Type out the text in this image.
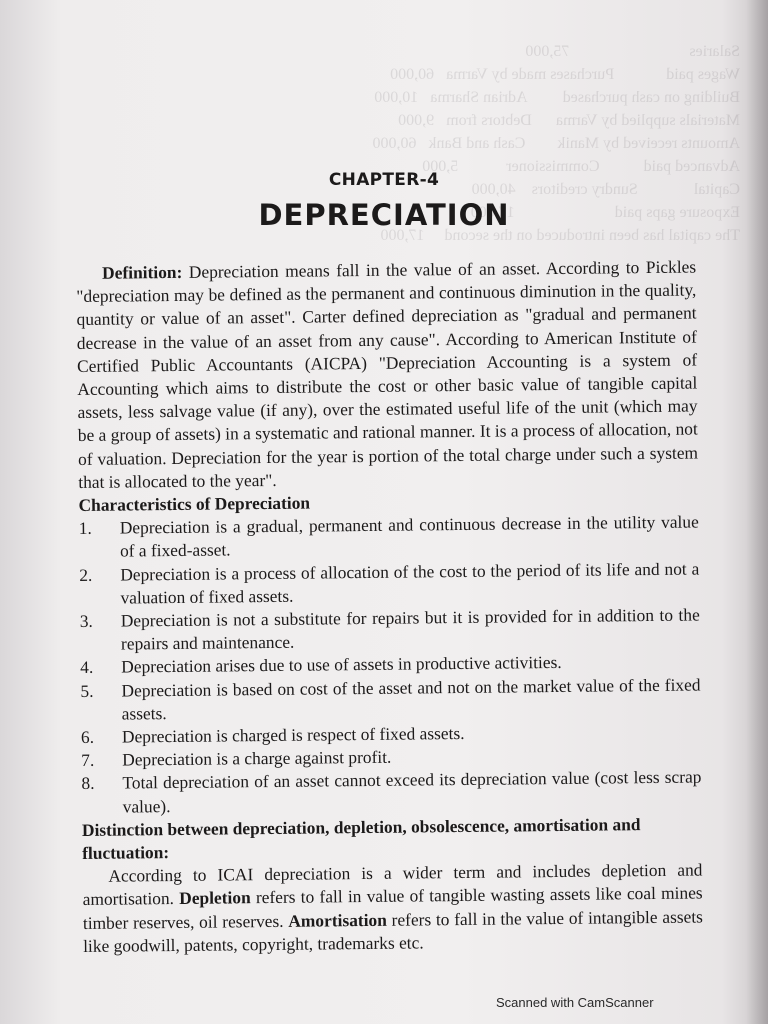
Salaries                              75,000
Wages paid             Purchases made by Varma   60,000
Building on cash purchased         Adrian Sharma   10,000
Materials supplied by Varma      Debtors from   9,000
Amounts received by Manik        Cash and Bank   60,000
Advanced paid           Commissioner            5,000
Capital              Sundry creditors    40,000
Exposure gaps paid                         17,000
The capital has been introduced on the second     17,000
CHAPTER-4
DEPRECIATION

Definition: Depreciation means fall in the value of an asset. According to Pickles "depreciation may be defined as the permanent and continuous diminution in the quality, quantity or value of an asset". Carter defined depreciation as "gradual and permanent decrease in the value of an asset from any cause". According to American Institute of Certified Public Accountants (AICPA) "Depreciation Accounting is a system of Accounting which aims to distribute the cost or other basic value of tangible capital assets, less salvage value (if any), over the estimated useful life of the unit (which may be a group of assets) in a systematic and rational manner. It is a process of allocation, not of valuation. Depreciation for the year is portion of the total charge under such a system that is allocated to the year".

Characteristics of Depreciation

1.	Depreciation is a gradual, permanent and continuous decrease in the utility value of a fixed-asset.
2.	Depreciation is a process of allocation of the cost to the period of its life and not a valuation of fixed assets.
3.	Depreciation is not a substitute for repairs but it is provided for in addition to the repairs and maintenance.
4.	Depreciation arises due to use of assets in productive activities.
5.	Depreciation is based on cost of the asset and not on the market value of the fixed assets.
6.	Depreciation is charged is respect of fixed assets.
7.	Depreciation is a charge against profit.
8.	Total depreciation of an asset cannot exceed its depreciation value (cost less scrap value).

Distinction between depreciation, depletion, obsolescence, amortisation and fluctuation:

According to ICAI depreciation is a wider term and includes depletion and amortisation. Depletion refers to fall in value of tangible wasting assets like coal mines timber reserves, oil reserves. Amortisation refers to fall in the value of intangible assets like goodwill, patents, copyright, trademarks etc.

Scanned with CamScanner
